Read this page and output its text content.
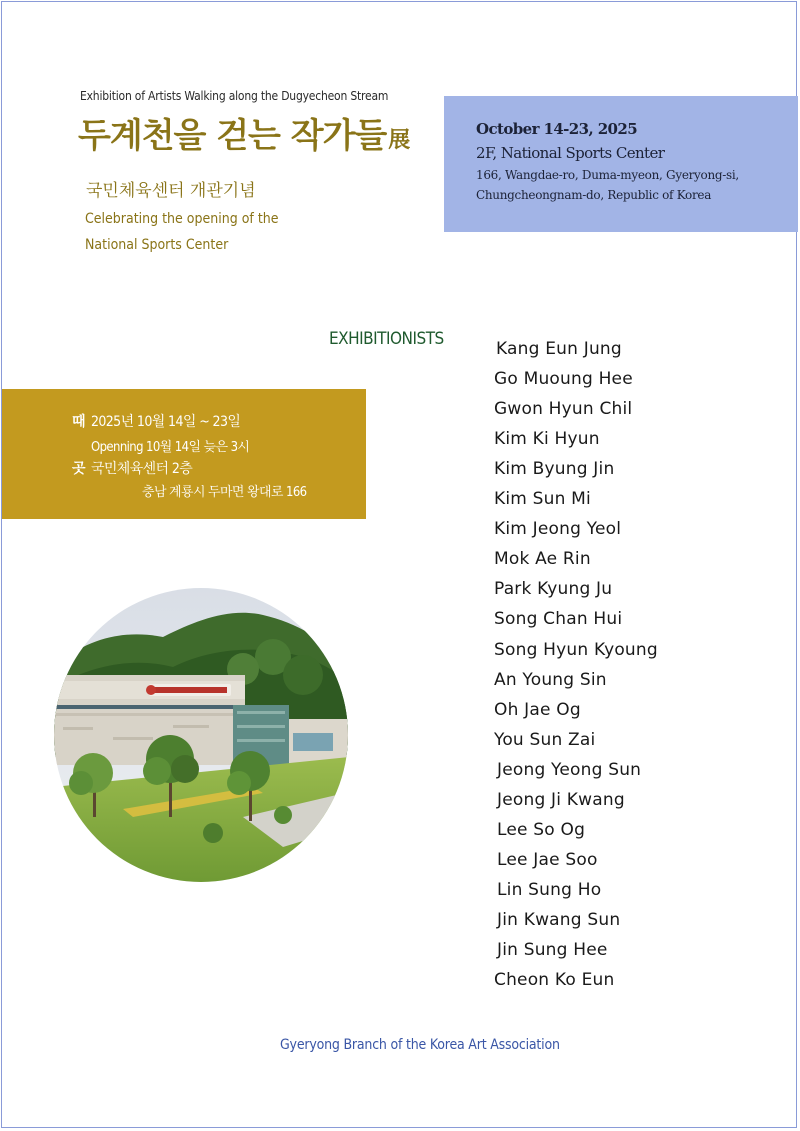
Exhibition of Artists Walking along the Dugyecheon Stream
두계천을 걷는 작가들展
국민체육센터 개관기념
Celebrating the opening of the National Sports Center
October 14-23, 2025
2F, National Sports Center
166, Wangdae-ro, Duma-myeon, Gyeryong-si, Chungcheongnam-do, Republic of Korea
때 2025년 10월 14일 ~ 23일
Openning 10월 14일 늦은 3시
곳 국민체육센터 2층
충남 계룡시 두마면 왕대로 166
EXHIBITIONISTS	Kang Eun Jung
Go Muoung Hee
Gwon Hyun Chil
Kim Ki Hyun
Kim Byung Jin
Kim Sun Mi
Kim Jeong Yeol
Mok Ae Rin
Park Kyung Ju
Song Chan Hui
Song Hyun Kyoung
An Young Sin
Oh Jae Og
You Sun Zai
Jeong Yeong Sun
Jeong Ji Kwang
Lee So Og
Lee Jae Soo
Lin Sung Ho
Jin Kwang Sun
Jin Sung Hee
Cheon Ko Eun
Gyeryong Branch of the Korea Art Association
